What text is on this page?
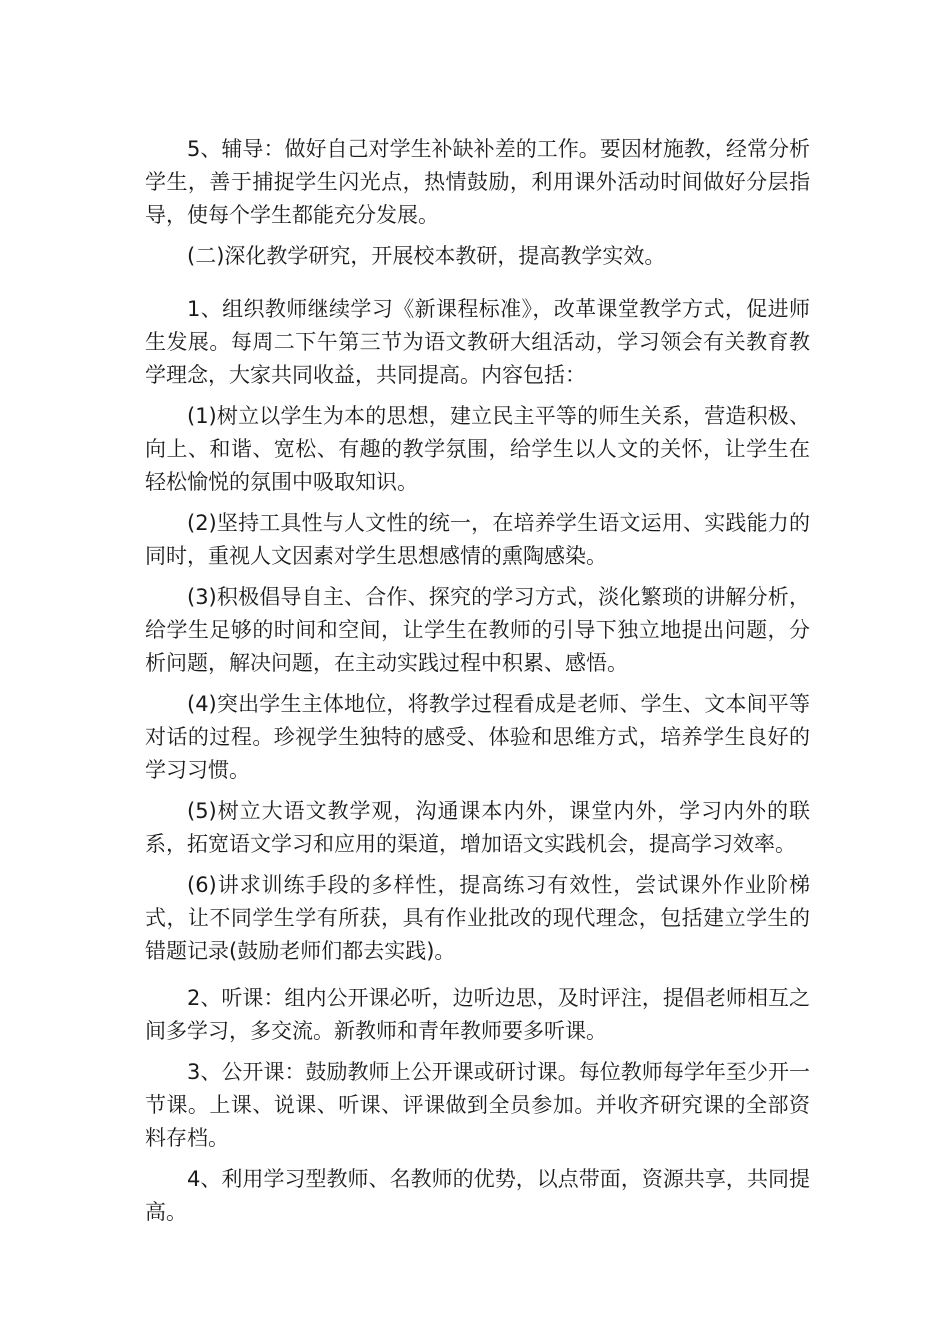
5、辅导：做好自己对学生补缺补差的工作。要因材施教，经常分析学生，善于捕捉学生闪光点，热情鼓励，利用课外活动时间做好分层指导，使每个学生都能充分发展。

(二)深化教学研究，开展校本教研，提高教学实效。

1、组织教师继续学习《新课程标准》，改革课堂教学方式，促进师生发展。每周二下午第三节为语文教研大组活动，学习领会有关教育教学理念，大家共同收益，共同提高。内容包括：

(1)树立以学生为本的思想，建立民主平等的师生关系，营造积极、向上、和谐、宽松、有趣的教学氛围，给学生以人文的关怀，让学生在轻松愉悦的氛围中吸取知识。

(2)坚持工具性与人文性的统一，在培养学生语文运用、实践能力的同时，重视人文因素对学生思想感情的熏陶感染。

(3)积极倡导自主、合作、探究的学习方式，淡化繁琐的讲解分析，给学生足够的时间和空间，让学生在教师的引导下独立地提出问题，分析问题，解决问题，在主动实践过程中积累、感悟。

(4)突出学生主体地位，将教学过程看成是老师、学生、文本间平等对话的过程。珍视学生独特的感受、体验和思维方式，培养学生良好的学习习惯。

(5)树立大语文教学观，沟通课本内外，课堂内外，学习内外的联系，拓宽语文学习和应用的渠道，增加语文实践机会，提高学习效率。

(6)讲求训练手段的多样性，提高练习有效性，尝试课外作业阶梯式，让不同学生学有所获，具有作业批改的现代理念，包括建立学生的错题记录(鼓励老师们都去实践)。

2、听课：组内公开课必听，边听边思，及时评注，提倡老师相互之间多学习，多交流。新教师和青年教师要多听课。

3、公开课：鼓励教师上公开课或研讨课。每位教师每学年至少开一节课。上课、说课、听课、评课做到全员参加。并收齐研究课的全部资料存档。

4、利用学习型教师、名教师的优势，以点带面，资源共享，共同提高。
